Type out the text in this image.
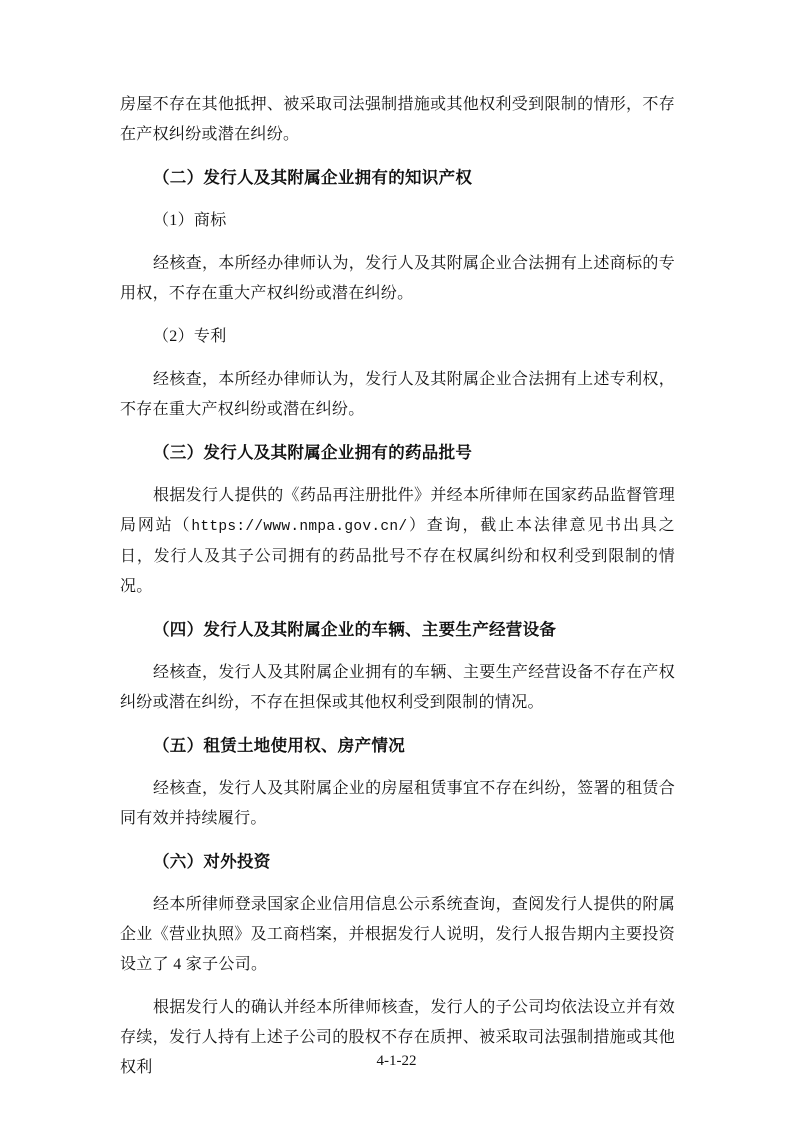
房屋不存在其他抵押、被采取司法强制措施或其他权利受到限制的情形，不存在产权纠纷或潜在纠纷。

（二）发行人及其附属企业拥有的知识产权

（1）商标

经核查，本所经办律师认为，发行人及其附属企业合法拥有上述商标的专用权，不存在重大产权纠纷或潜在纠纷。

（2）专利

经核查，本所经办律师认为，发行人及其附属企业合法拥有上述专利权，不存在重大产权纠纷或潜在纠纷。

（三）发行人及其附属企业拥有的药品批号

根据发行人提供的《药品再注册批件》并经本所律师在国家药品监督管理局网站（https://www.nmpa.gov.cn/）查询，截止本法律意见书出具之日，发行人及其子公司拥有的药品批号不存在权属纠纷和权利受到限制的情况。

（四）发行人及其附属企业的车辆、主要生产经营设备

经核查，发行人及其附属企业拥有的车辆、主要生产经营设备不存在产权纠纷或潜在纠纷，不存在担保或其他权利受到限制的情况。

（五）租赁土地使用权、房产情况

经核查，发行人及其附属企业的房屋租赁事宜不存在纠纷，签署的租赁合同有效并持续履行。

（六）对外投资

经本所律师登录国家企业信用信息公示系统查询，查阅发行人提供的附属企业《营业执照》及工商档案，并根据发行人说明，发行人报告期内主要投资设立了 4 家子公司。

根据发行人的确认并经本所律师核查，发行人的子公司均依法设立并有效存续，发行人持有上述子公司的股权不存在质押、被采取司法强制措施或其他权利	4-1-22
